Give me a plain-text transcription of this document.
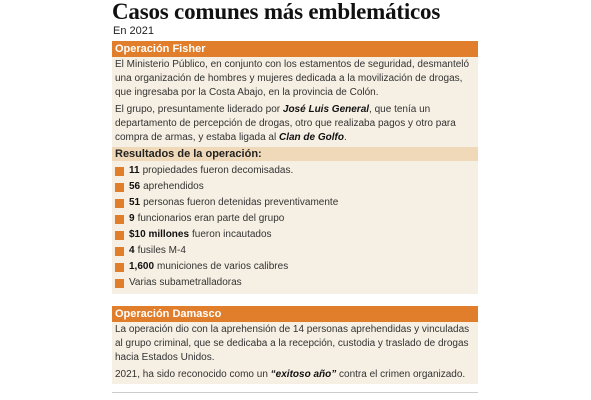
Casos comunes más emblemáticos
En 2021
Operación Fisher
El Ministerio Público, en conjunto con los estamentos de seguridad, desmanteló una organización de hombres y mujeres dedicada a la movilización de drogas, que ingresaba por la Costa Abajo, en la provincia de Colón.
El grupo, presuntamente liderado por José Luis General, que tenía un departamento de percepción de drogas, otro que realizaba pagos y otro para compra de armas, y estaba ligada al Clan de Golfo.
Resultados de la operación:
11 propiedades fueron decomisadas.
56 aprehendidos
51 personas fueron detenidas preventivamente
9 funcionarios eran parte del grupo
$10 millones fueron incautados
4 fusiles M-4
1,600 municiones de varios calibres
Varias subametralladoras
Operación Damasco
La operación dio con la aprehensión de 14 personas aprehendidas y vinculadas al grupo criminal, que se dedicaba a la recepción, custodia y traslado de drogas hacia Estados Unidos.
2021, ha sido reconocido como un “exitoso año” contra el crimen organizado.
